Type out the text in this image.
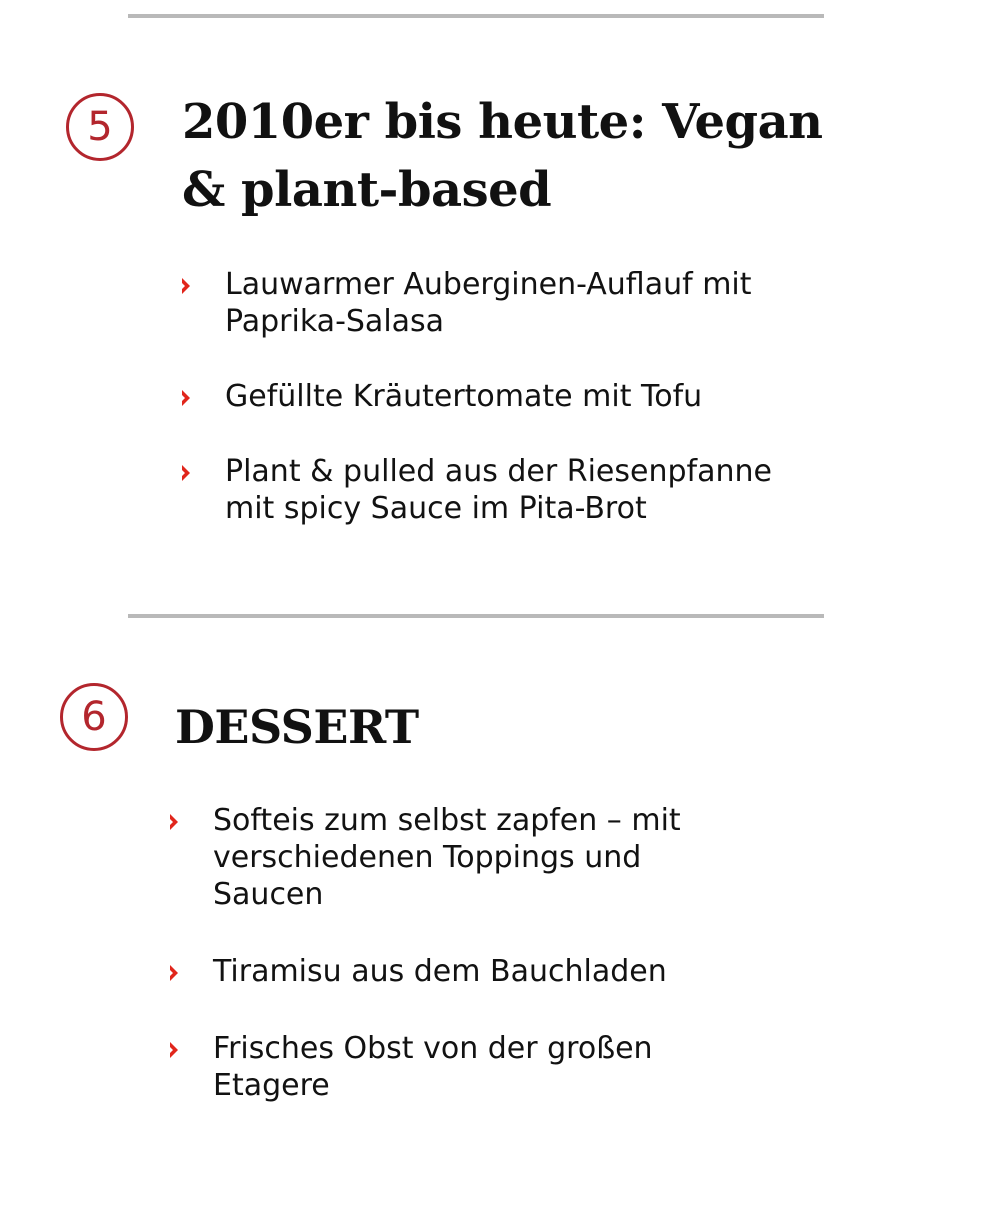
5	2010er bis heute: Vegan
& plant-based
Lauwarmer Auberginen-Auflauf mit
Paprika-Salasa
Gefüllte Kräutertomate mit Tofu
Plant & pulled aus der Riesenpfanne
mit spicy Sauce im Pita-Brot
6	DESSERT
Softeis zum selbst zapfen – mit
verschiedenen Toppings und
Saucen
Tiramisu aus dem Bauchladen
Frisches Obst von der großen
Etagere
